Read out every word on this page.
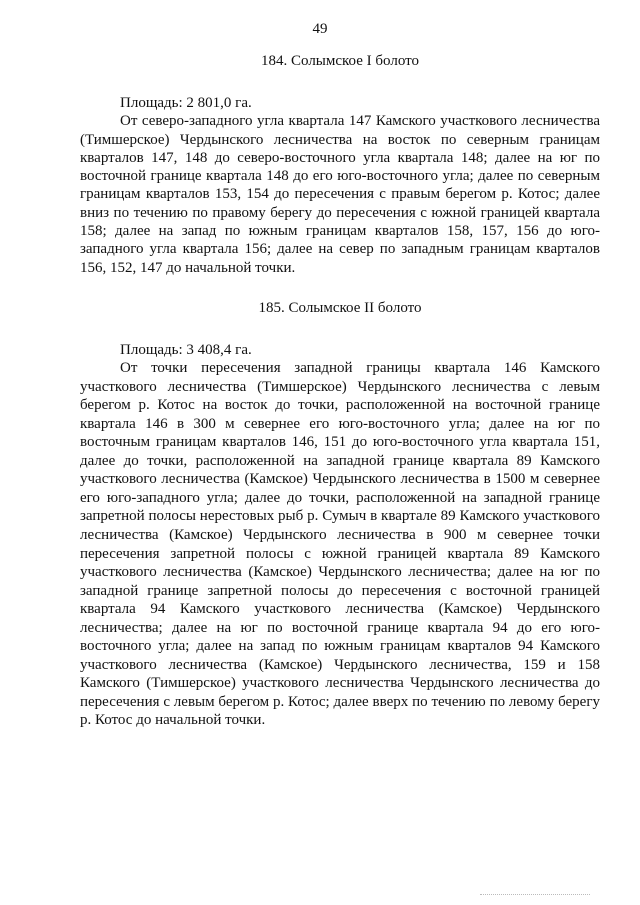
49

184. Солымское I болото

Площадь: 2 801,0 га.

От северо-западного угла квартала 147 Камского участкового лесничества (Тимшерское) Чердынского лесничества на восток по северным границам кварталов 147, 148 до северо-восточного угла квартала 148; далее на юг по восточной границе квартала 148 до его юго-восточного угла; далее по северным границам кварталов 153, 154 до пересечения с правым берегом р. Котос; далее вниз по течению по правому берегу до пересечения с южной границей квартала 158; далее на запад по южным границам кварталов 158, 157, 156 до юго-западного угла квартала 156; далее на север по западным границам кварталов 156, 152, 147 до начальной точки.

185. Солымское II болото

Площадь: 3 408,4 га.

От точки пересечения западной границы квартала 146 Камского участкового лесничества (Тимшерское) Чердынского лесничества с левым берегом р. Котос на восток до точки, расположенной на восточной границе квартала 146 в 300 м севернее его юго-восточного угла; далее на юг по восточным границам кварталов 146, 151 до юго-восточного угла квартала 151, далее до точки, расположенной на западной границе квартала 89 Камского участкового лесничества (Камское) Чердынского лесничества в 1500 м севернее его юго-западного угла; далее до точки, расположенной на западной границе запретной полосы нерестовых рыб р. Сумыч в квартале 89 Камского участкового лесничества (Камское) Чердынского лесничества в 900 м севернее точки пересечения запретной полосы с южной границей квартала 89 Камского участкового лесничества (Камское) Чердынского лесничества; далее на юг по западной границе запретной полосы до пересечения с восточной границей квартала 94 Камского участкового лесничества (Камское) Чердынского лесничества; далее на юг по восточной границе квартала 94 до его юго-восточного угла; далее на запад по южным границам кварталов 94 Камского участкового лесничества (Камское) Чердынского лесничества, 159 и 158 Камского (Тимшерское) участкового лесничества Чердынского лесничества до пересечения с левым берегом р. Котос; далее вверх по течению по левому берегу р. Котос до начальной точки.
